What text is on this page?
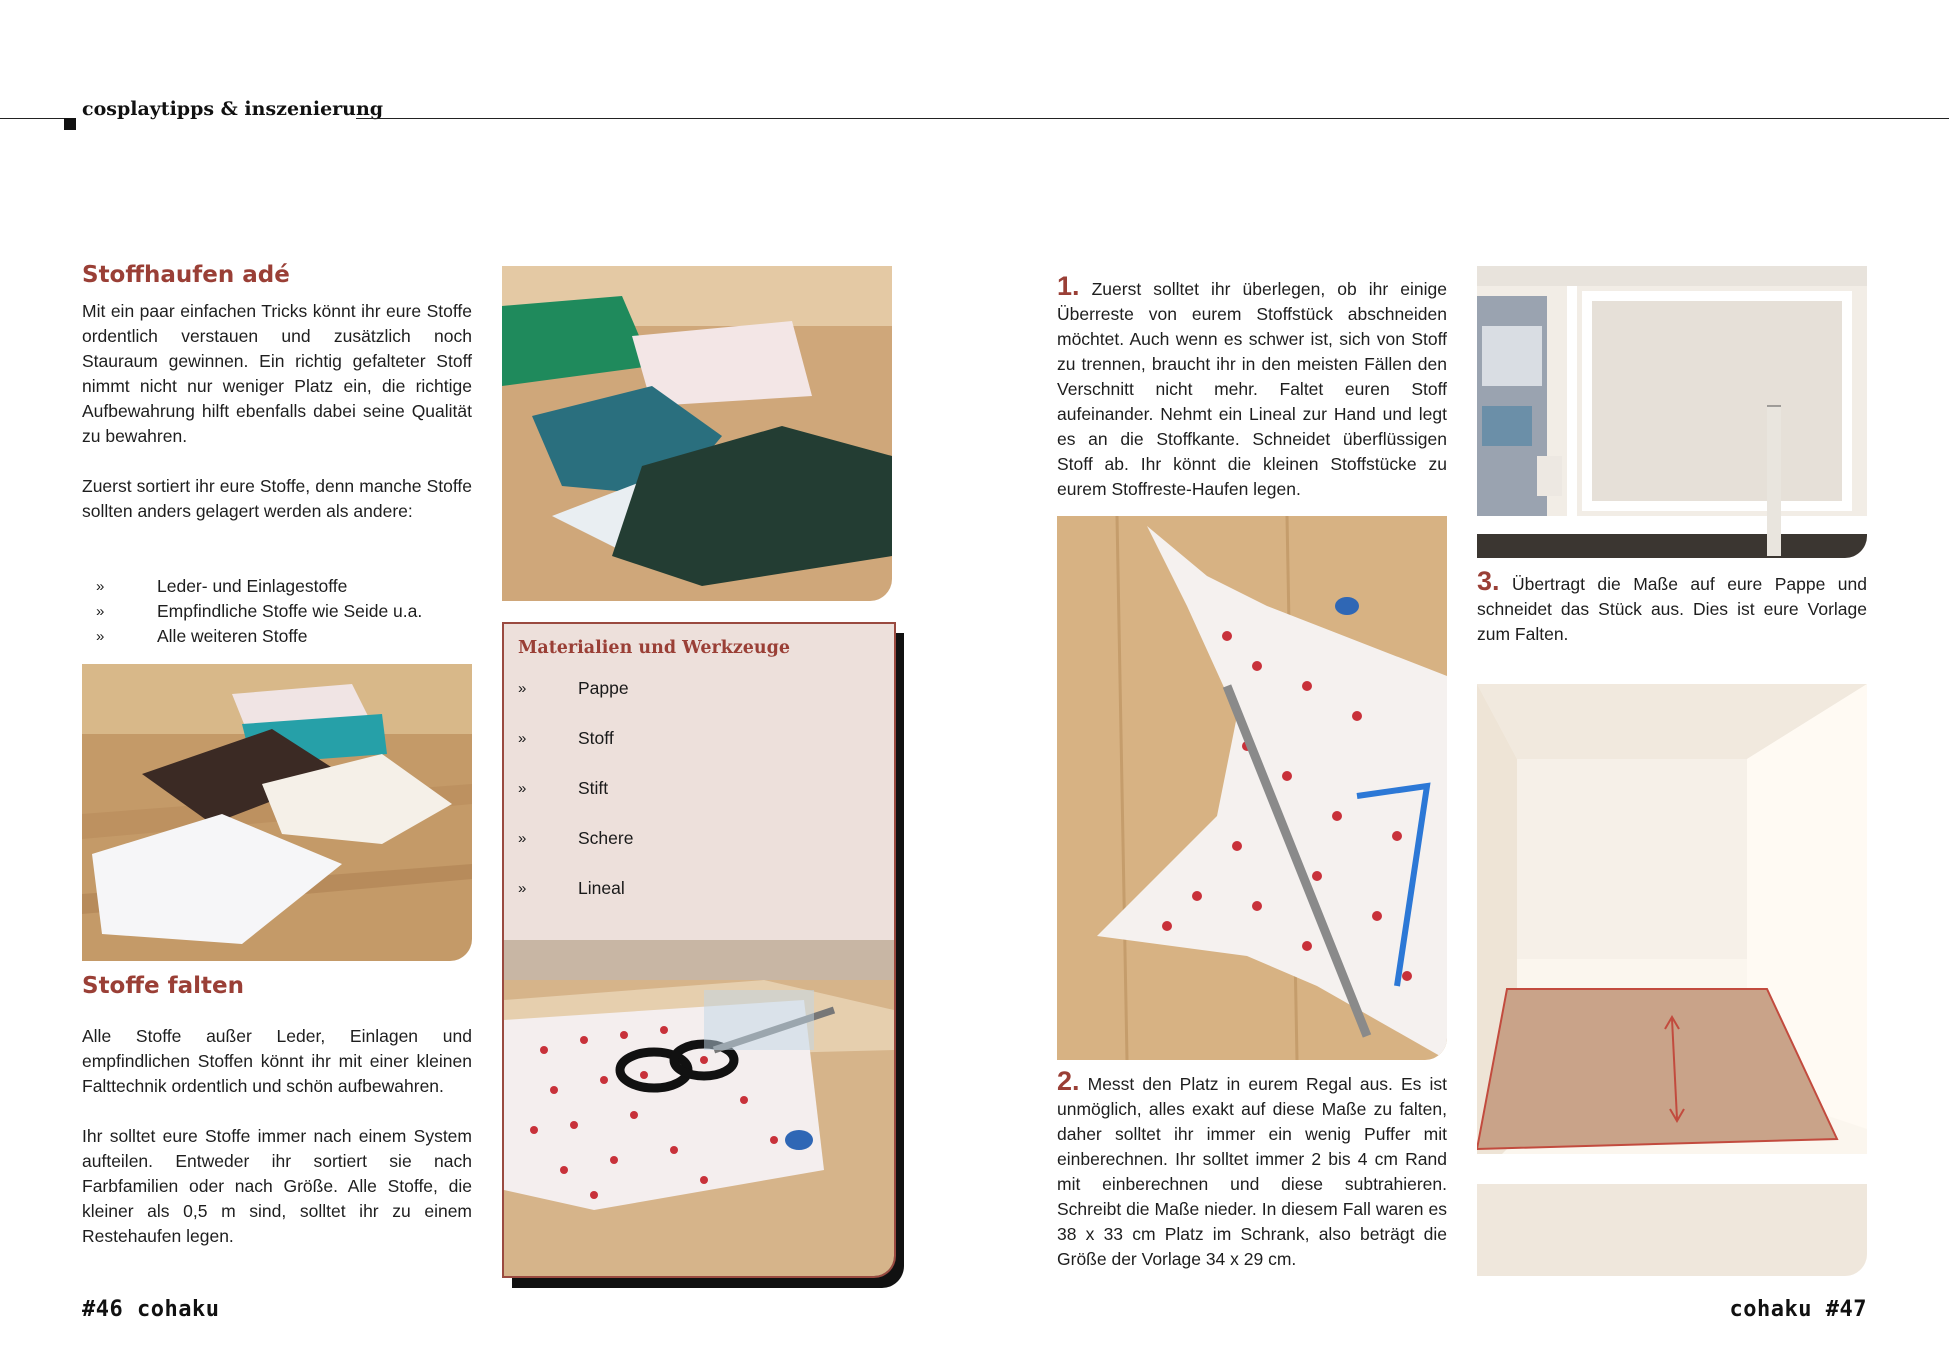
cosplaytipps & inszenierung
Stoffhaufen adé

Mit ein paar einfachen Tricks könnt ihr eure Stoffe ordentlich verstauen und zusätzlich noch Stauraum gewinnen. Ein richtig gefalteter Stoff nimmt nicht nur weniger Platz ein, die richtige Aufbewahrung hilft ebenfalls dabei seine Qualität zu bewahren.

Zuerst sortiert ihr eure Stoffe, denn manche Stoffe sollten anders gelagert werden als andere:

»	Leder- und Einlagestoffe
»	Empfindliche Stoffe wie Seide u.a.
»	Alle weiteren Stoffe
Stoffe falten

Alle Stoffe außer Leder, Einlagen und empfindlichen Stoffen könnt ihr mit einer kleinen Falttechnik ordentlich und schön aufbewahren.

Ihr solltet eure Stoffe immer nach einem System aufteilen. Entweder ihr sortiert sie nach Farbfamilien oder nach Größe. Alle Stoffe, die kleiner als 0,5 m sind, solltet ihr zu einem Restehaufen legen.

Materialien und Werkzeuge
»	Pappe
»	Stoff
»	Stift
»	Schere
»	Lineal
1. Zuerst solltet ihr überlegen, ob ihr einige Überreste von eurem Stoffstück abschneiden möchtet. Auch wenn es schwer ist, sich von Stoff zu trennen, braucht ihr in den meisten Fällen den Verschnitt nicht mehr. Faltet euren Stoff aufeinander. Nehmt ein Lineal zur Hand und legt es an die Stoffkante. Schneidet überflüssigen Stoff ab. Ihr könnt die kleinen Stoffstücke zu eurem Stoffreste-Haufen legen.
2. Messt den Platz in eurem Regal aus. Es ist unmöglich, alles exakt auf diese Maße zu falten, daher solltet ihr immer ein wenig Puffer mit einberechnen. Ihr solltet immer 2 bis 4 cm Rand mit einberechnen und diese subtrahieren. Schreibt die Maße nieder. In diesem Fall waren es 38 x 33 cm Platz im Schrank, also beträgt die Größe der Vorlage 34 x 29 cm.
3. Übertragt die Maße auf eure Pappe und schneidet das Stück aus. Dies ist eure Vorlage zum Falten.
#46 cohaku	cohaku #47
